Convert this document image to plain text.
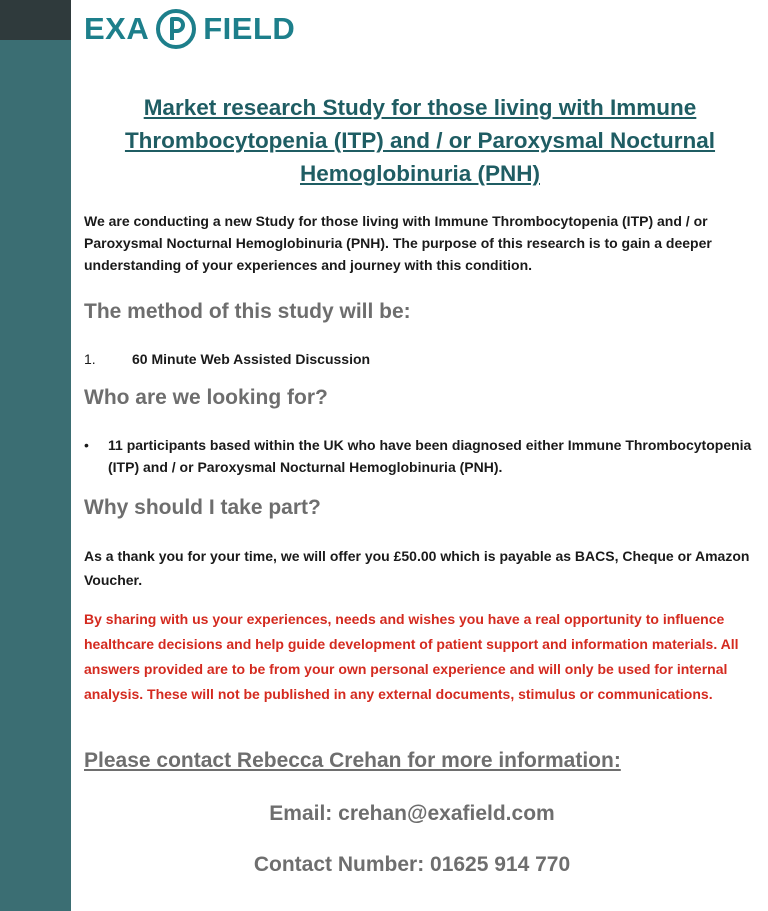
EXA FIELD
Market research Study for those living with Immune Thrombocytopenia (ITP) and / or Paroxysmal Nocturnal Hemoglobinuria (PNH)
We are conducting a new Study for those living with Immune Thrombocytopenia (ITP) and / or Paroxysmal Nocturnal Hemoglobinuria (PNH). The purpose of this research is to gain a deeper understanding of your experiences and journey with this condition.
The method of this study will be:
1.	60 Minute Web Assisted Discussion
Who are we looking for?
• 11 participants based within the UK who have been diagnosed either Immune Thrombocytopenia (ITP) and / or Paroxysmal Nocturnal Hemoglobinuria (PNH).
Why should I take part?
As a thank you for your time, we will offer you £50.00 which is payable as BACS, Cheque or Amazon Voucher.
By sharing with us your experiences, needs and wishes you have a real opportunity to influence healthcare decisions and help guide development of patient support and information materials. All answers provided are to be from your own personal experience and will only be used for internal analysis. These will not be published in any external documents, stimulus or communications.
Please contact Rebecca Crehan for more information:
Email: crehan@exafield.com
Contact Number: 01625 914 770
